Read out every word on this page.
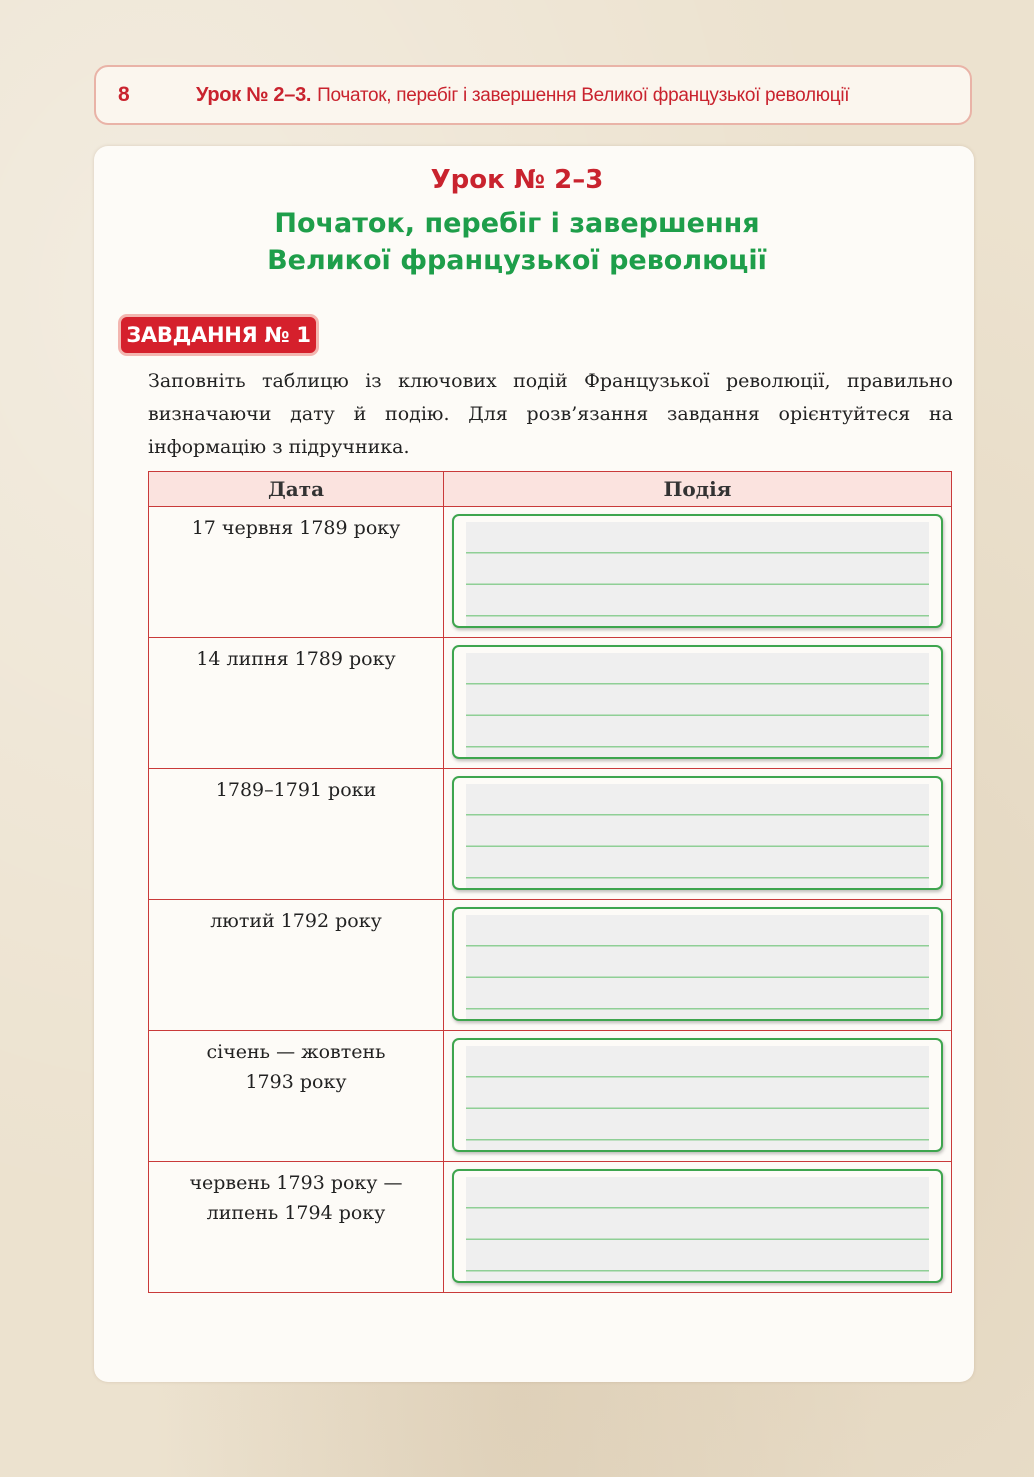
8	Урок № 2–3. Початок, перебіг і завершення Великої французької революції
Урок № 2–3
Початок, перебіг і завершення
Великої французької революції
ЗАВДАННЯ № 1
Заповніть таблицю із ключових подій Французької революції, правильно визначаючи дату й подію. Для розв’язання завдання орієнтуйтеся на інформацію з підручника.
Дата	Подія

17 червня 1789 року	

14 липня 1789 року	

1789–1791 роки	

лютий 1792 року	

січень — жовтень
1793 року	

червень 1793 року —
липень 1794 року	
